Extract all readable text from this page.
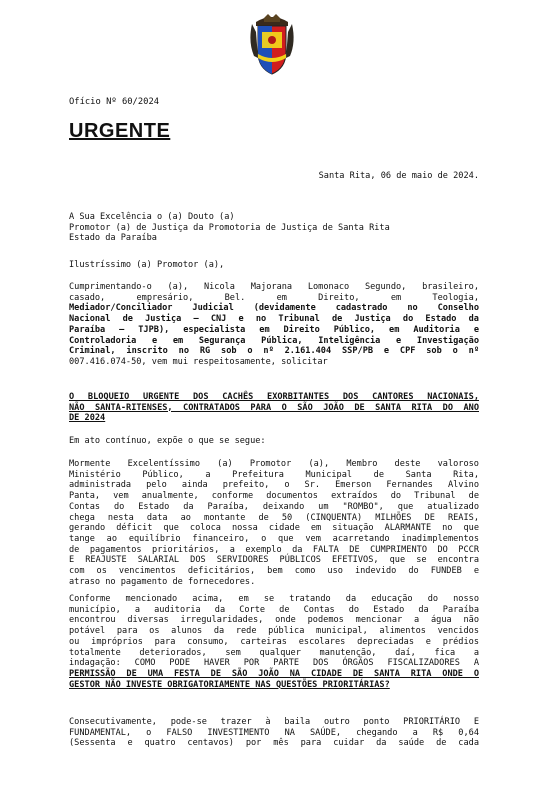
Ofício Nº 60/2024
URGENTE
Santa Rita, 06 de maio de 2024.
A Sua Excelência o (a) Douto (a)
Promotor (a) de Justiça da Promotoria de Justiça de Santa Rita
Estado da Paraíba
Ilustríssimo (a) Promotor (a),
Cumprimentando-o (a), Nicola Majorana Lomonaco Segundo, brasileiro,
casado, empresário, Bel. em Direito, em Teologia,
Mediador/Conciliador Judicial (devidamente cadastrado no Conselho
Nacional de Justiça – CNJ e no Tribunal de Justiça do Estado da
Paraíba – TJPB), especialista em Direito Público, em Auditoria e
Controladoria e em Segurança Pública, Inteligência e Investigação
Criminal, inscrito no RG sob o nº 2.161.404 SSP/PB e CPF sob o nº
007.416.074-50, vem mui respeitosamente, solicitar
O BLOQUEIO URGENTE DOS CACHÊS EXORBITANTES DOS CANTORES NACIONAIS,
NÃO SANTA-RITENSES, CONTRATADOS PARA O SÃO JOÃO DE SANTA RITA DO ANO
DE 2024
Em ato contínuo, expõe o que se segue:
Mormente Excelentíssimo (a) Promotor (a), Membro deste valoroso
Ministério Público, a Prefeitura Municipal de Santa Rita,
administrada pelo ainda prefeito, o Sr. Emerson Fernandes Alvino
Panta, vem anualmente, conforme documentos extraídos do Tribunal de
Contas do Estado da Paraíba, deixando um "ROMBO", que atualizado
chega nesta data ao montante de 50 (CINQUENTA) MILHÕES DE REAIS,
gerando déficit que coloca nossa cidade em situação ALARMANTE no que
tange ao equilíbrio financeiro, o que vem acarretando inadimplementos
de pagamentos prioritários, a exemplo da FALTA DE CUMPRIMENTO DO PCCR
E REAJUSTE SALARIAL DOS SERVIDORES PÚBLICOS EFETIVOS, que se encontra
com os vencimentos deficitários, bem como uso indevido do FUNDEB e
atraso no pagamento de fornecedores.
Conforme mencionado acima, em se tratando da educação do nosso
município, a auditoria da Corte de Contas do Estado da Paraíba
encontrou diversas irregularidades, onde podemos mencionar a água não
potável para os alunos da rede pública municipal, alimentos vencidos
ou impróprios para consumo, carteiras escolares depreciadas e prédios
totalmente deteriorados, sem qualquer manutenção, daí, fica a
indagação: COMO PODE HAVER POR PARTE DOS ÓRGÃOS FISCALIZADORES A
PERMISSÃO DE UMA FESTA DE SÃO JOÃO NA CIDADE DE SANTA RITA ONDE O
GESTOR NÃO INVESTE OBRIGATORIAMENTE NAS QUESTÕES PRIORITÁRIAS?
Consecutivamente, pode-se trazer à baila outro ponto PRIORITÁRIO E
FUNDAMENTAL, o FALSO INVESTIMENTO NA SAÚDE, chegando a R$ 0,64
(Sessenta e quatro centavos) por mês para cuidar da saúde de cada
